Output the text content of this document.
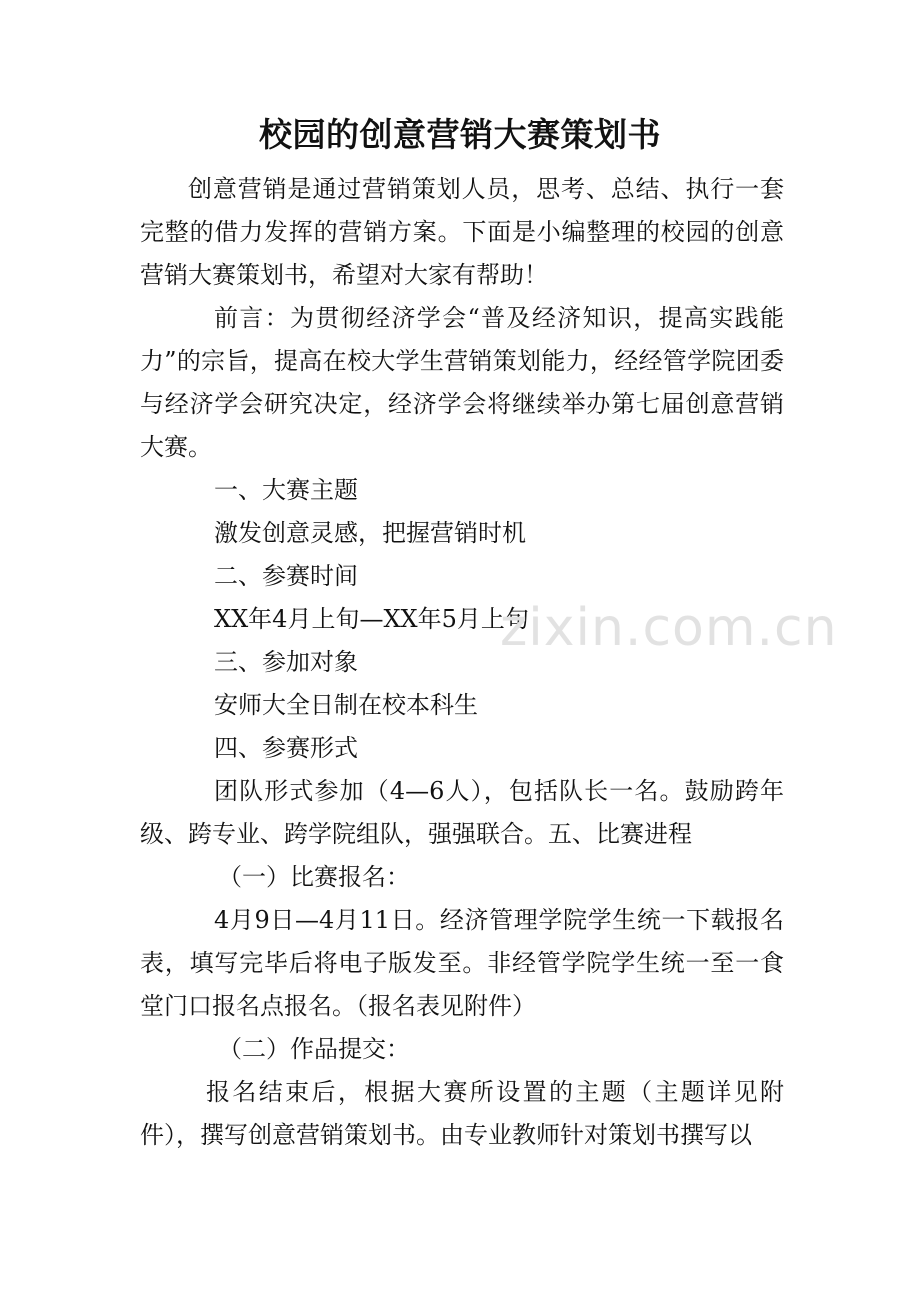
校园的创意营销大赛策划书

创意营销是通过营销策划人员，思考、总结、执行一套完整的借力发挥的营销方案。下面是小编整理的校园的创意营销大赛策划书，希望对大家有帮助！

前言：为贯彻经济学会“普及经济知识，提高实践能力”的宗旨，提高在校大学生营销策划能力，经经管学院团委与经济学会研究决定，经济学会将继续举办第七届创意营销大赛。

一、大赛主题

激发创意灵感，把握营销时机

二、参赛时间

XX年4月上旬—XX年5月上旬

三、参加对象

安师大全日制在校本科生

四、参赛形式

团队形式参加（4—6人），包括队长一名。鼓励跨年级、跨专业、跨学院组队，强强联合。五、比赛进程

（一）比赛报名：

4月9日—4月11日。经济管理学院学生统一下载报名表，填写完毕后将电子版发至。非经管学院学生统一至一食堂门口报名点报名。（报名表见附件）

（二）作品提交：

报名结束后，根据大赛所设置的主题（主题详见附件），撰写创意营销策划书。由专业教师针对策划书撰写以

zixin.com.cn
